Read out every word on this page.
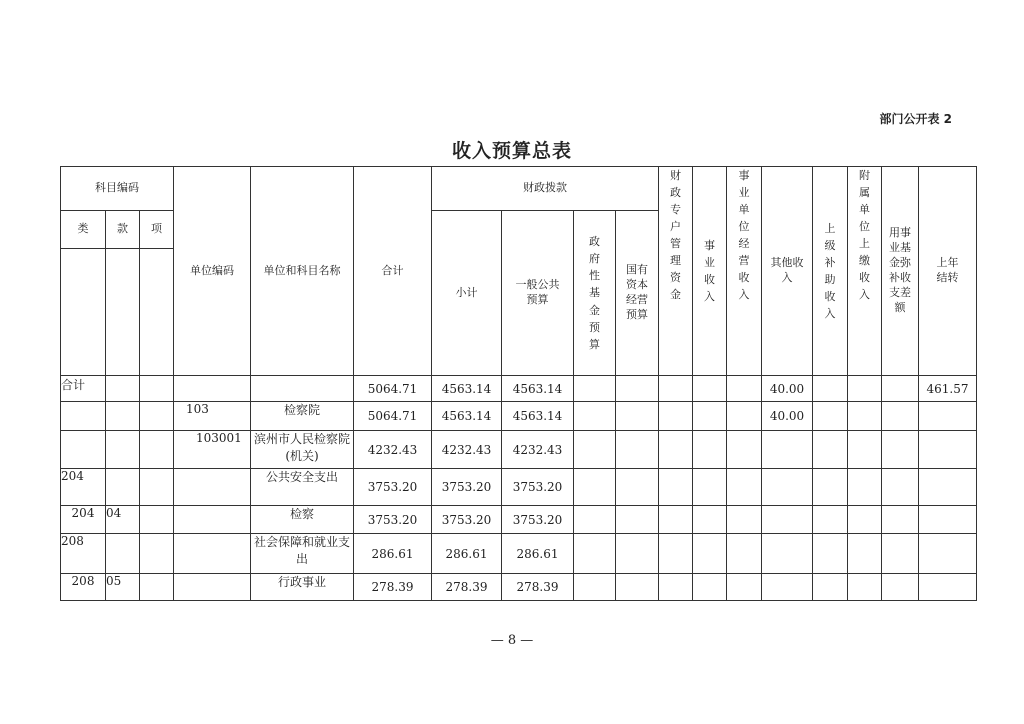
部门公开表 2
收入预算总表
科目编码			单位编码	单位和科目名称	合计	财政拨款				财政专户管理资金	事业收入	事业单位经营收入	其他收入	上级补助收入	附属单位上缴收入	用事业基金弥补收支差额	上年结转
类	款	项				小计	一般公共预算	政府性基金预算	国有资本经营预算								

合计					5064.71	4563.14	4563.14						40.00				461.57
			103	检察院	5064.71	4563.14	4563.14						40.00				
			103001	滨州市人民检察院(机关)	4232.43	4232.43	4232.43										
204				公共安全支出	3753.20	3753.20	3753.20										
204	04			检察	3753.20	3753.20	3753.20										
208				社会保障和就业支出	286.61	286.61	286.61										
208	05			行政事业	278.39	278.39	278.39										
— 8 —
